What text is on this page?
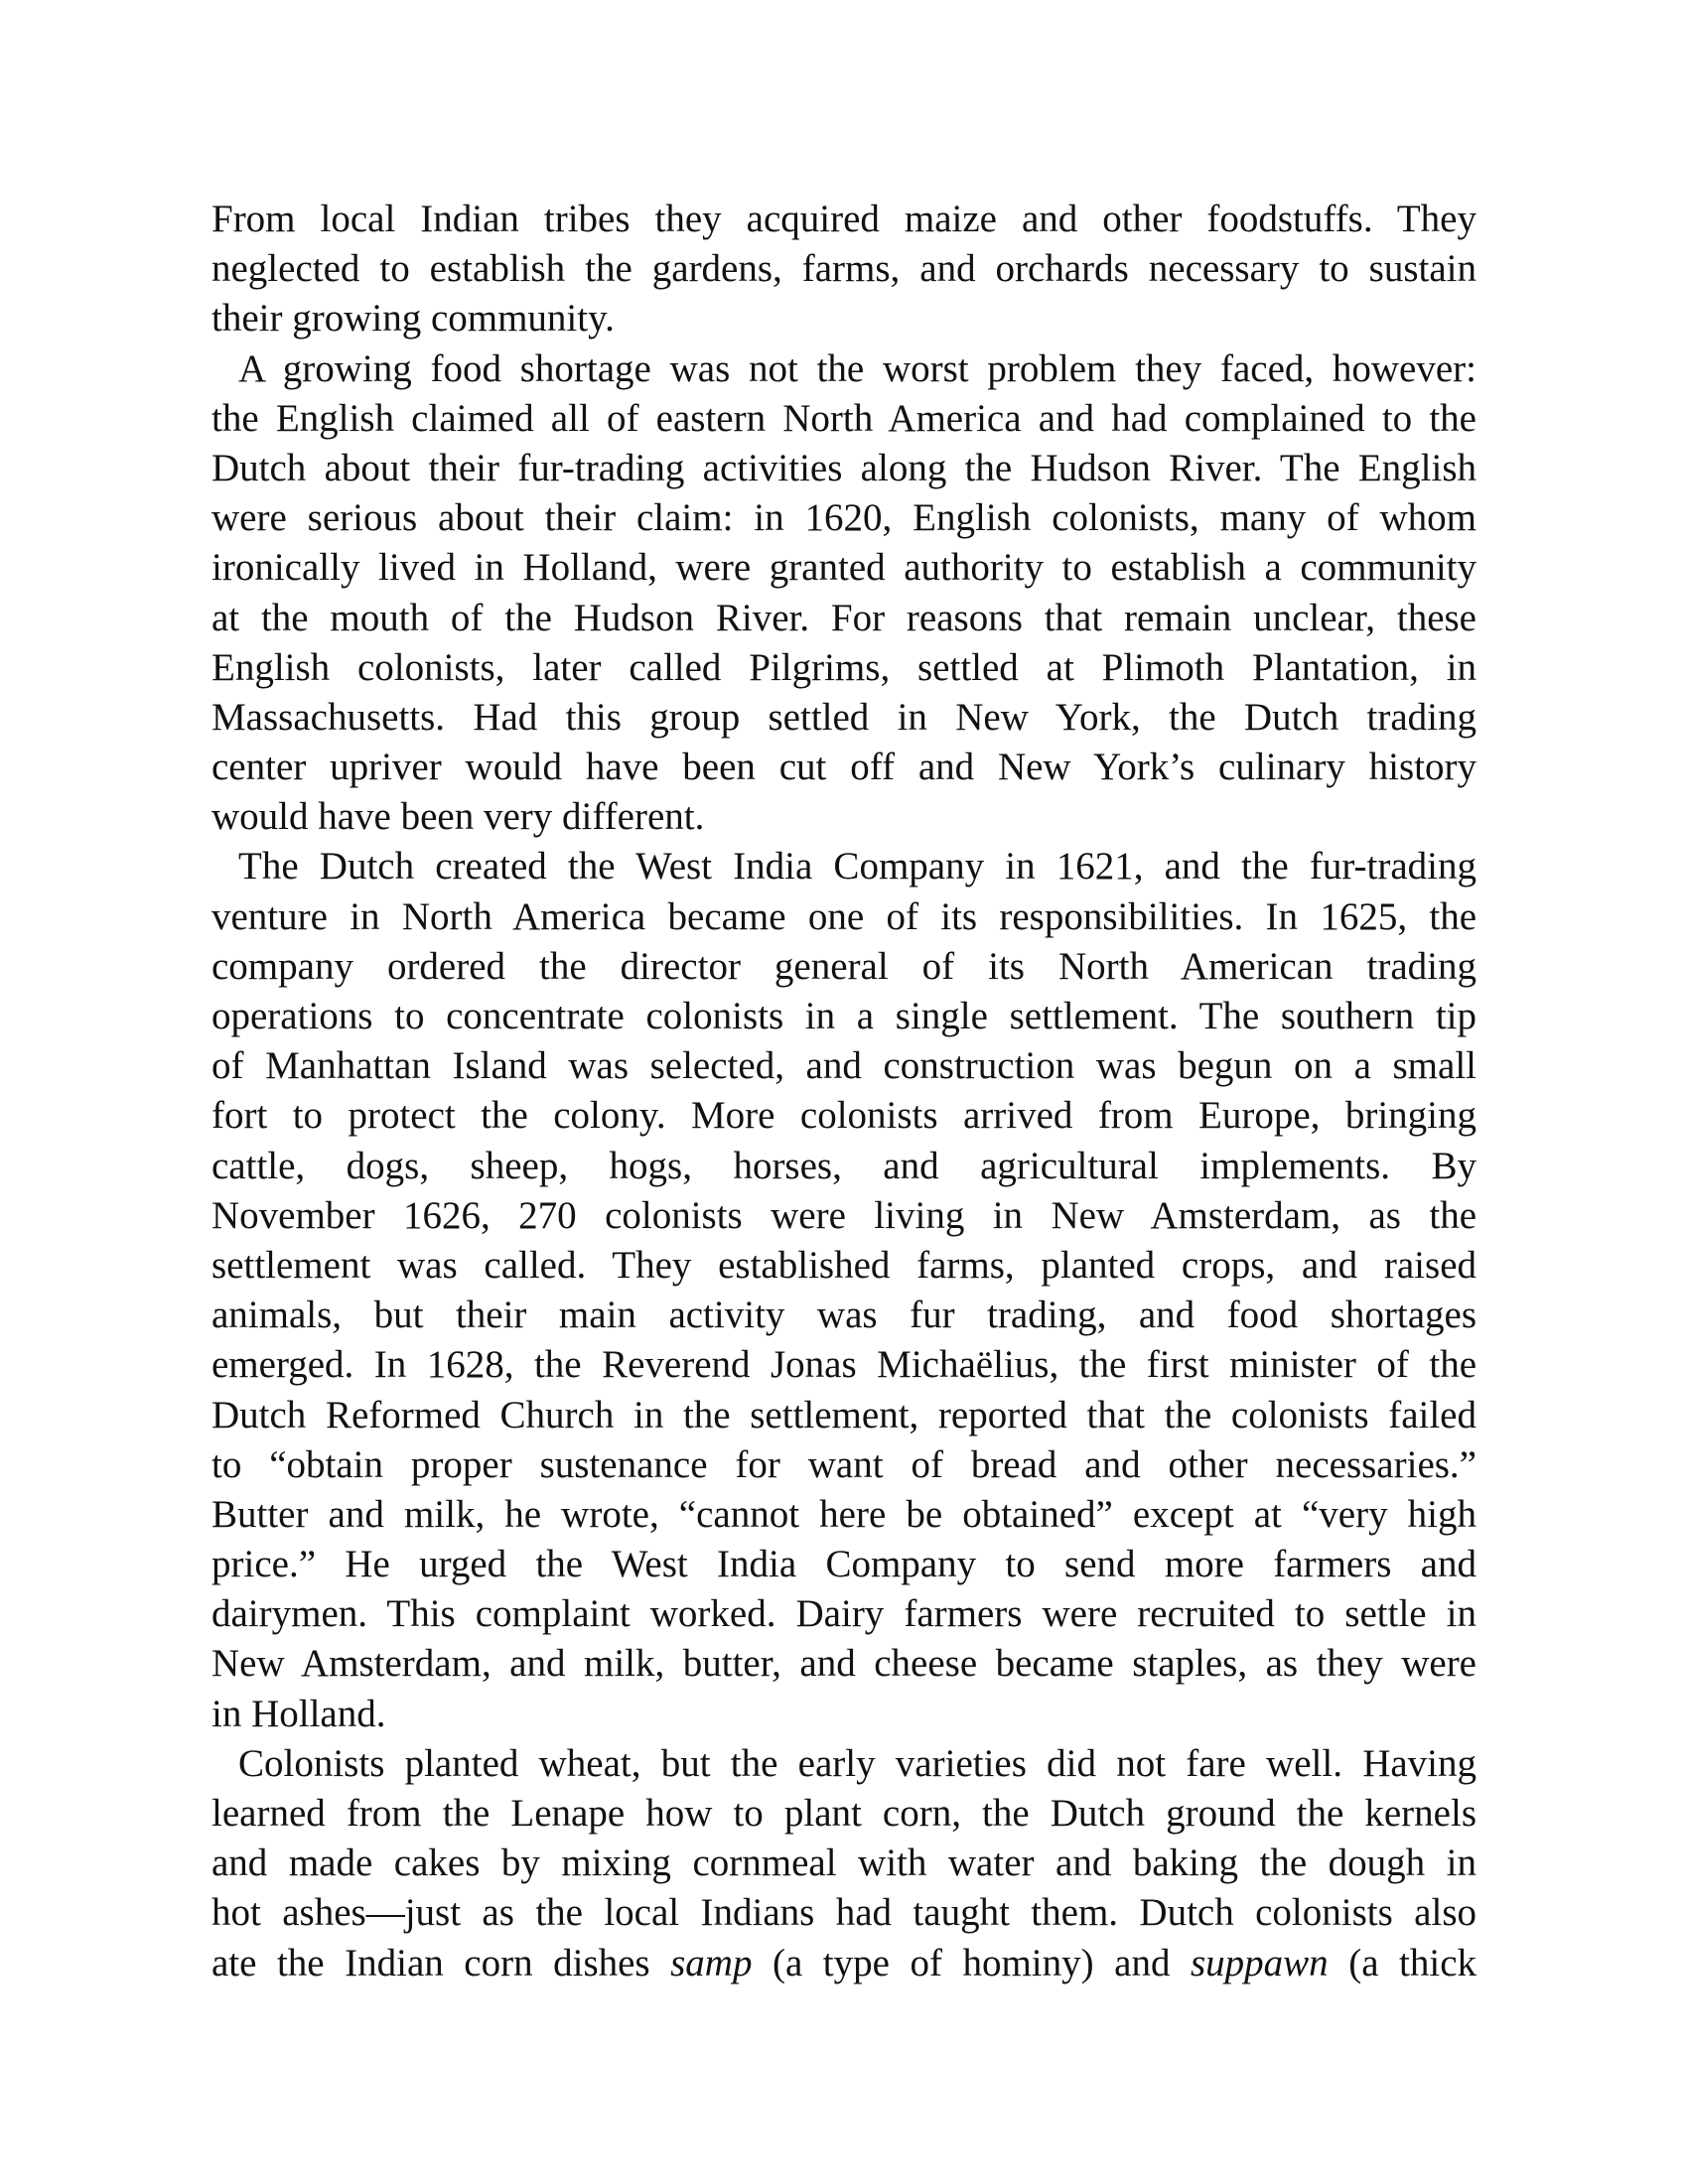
From local Indian tribes they acquired maize and other foodstuffs. They
neglected to establish the gardens, farms, and orchards necessary to sustain
their growing community.
A growing food shortage was not the worst problem they faced, however:
the English claimed all of eastern North America and had complained to the
Dutch about their fur-trading activities along the Hudson River. The English
were serious about their claim: in 1620, English colonists, many of whom
ironically lived in Holland, were granted authority to establish a community
at the mouth of the Hudson River. For reasons that remain unclear, these
English colonists, later called Pilgrims, settled at Plimoth Plantation, in
Massachusetts. Had this group settled in New York, the Dutch trading
center upriver would have been cut off and New York’s culinary history
would have been very different.
The Dutch created the West India Company in 1621, and the fur-trading
venture in North America became one of its responsibilities. In 1625, the
company ordered the director general of its North American trading
operations to concentrate colonists in a single settlement. The southern tip
of Manhattan Island was selected, and construction was begun on a small
fort to protect the colony. More colonists arrived from Europe, bringing
cattle, dogs, sheep, hogs, horses, and agricultural implements. By
November 1626, 270 colonists were living in New Amsterdam, as the
settlement was called. They established farms, planted crops, and raised
animals, but their main activity was fur trading, and food shortages
emerged. In 1628, the Reverend Jonas Michaëlius, the first minister of the
Dutch Reformed Church in the settlement, reported that the colonists failed
to “obtain proper sustenance for want of bread and other necessaries.”
Butter and milk, he wrote, “cannot here be obtained” except at “very high
price.” He urged the West India Company to send more farmers and
dairymen. This complaint worked. Dairy farmers were recruited to settle in
New Amsterdam, and milk, butter, and cheese became staples, as they were
in Holland.
Colonists planted wheat, but the early varieties did not fare well. Having
learned from the Lenape how to plant corn, the Dutch ground the kernels
and made cakes by mixing cornmeal with water and baking the dough in
hot ashes—just as the local Indians had taught them. Dutch colonists also
ate the Indian corn dishes samp (a type of hominy) and suppawn (a thick
